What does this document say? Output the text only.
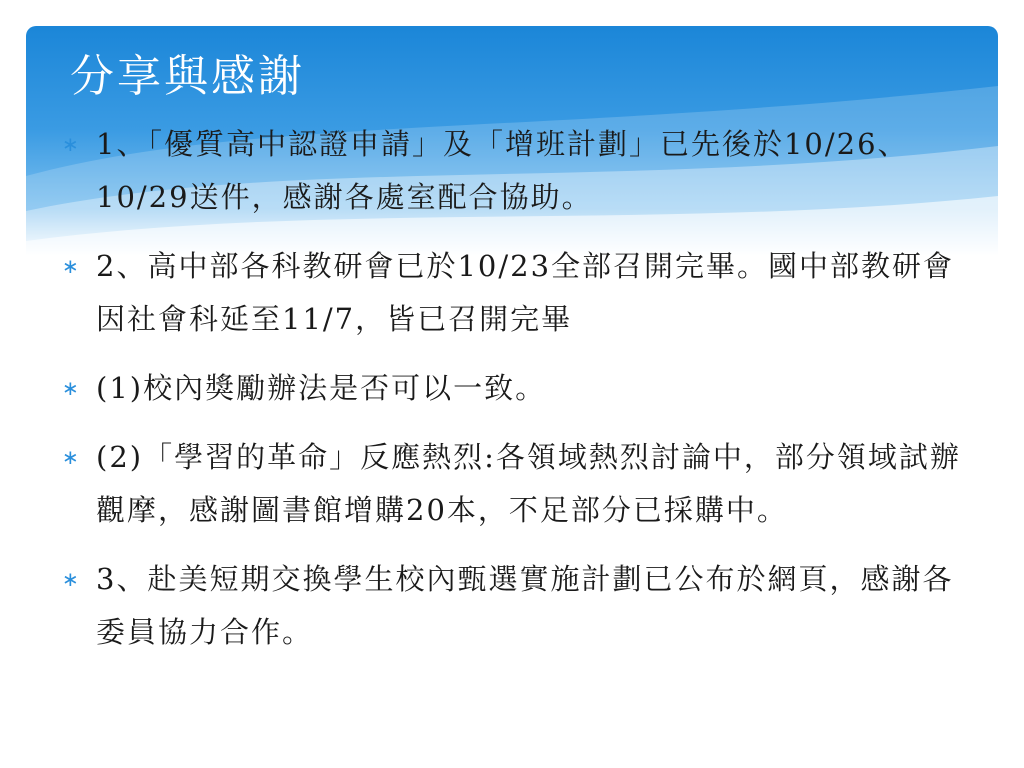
分享與感謝
∗ 1、「優質高中認證申請」及「增班計劃」已先後於10/26、10/29送件，感謝各處室配合協助。
∗ 2、高中部各科教研會已於10/23全部召開完畢。國中部教研會因社會科延至11/7，皆已召開完畢
∗ (1)校內獎勵辦法是否可以一致。
∗ (2)「學習的革命」反應熱烈:各領域熱烈討論中，部分領域試辦觀摩，感謝圖書館增購20本，不足部分已採購中。
∗ 3、赴美短期交換學生校內甄選實施計劃已公布於網頁，感謝各委員協力合作。
